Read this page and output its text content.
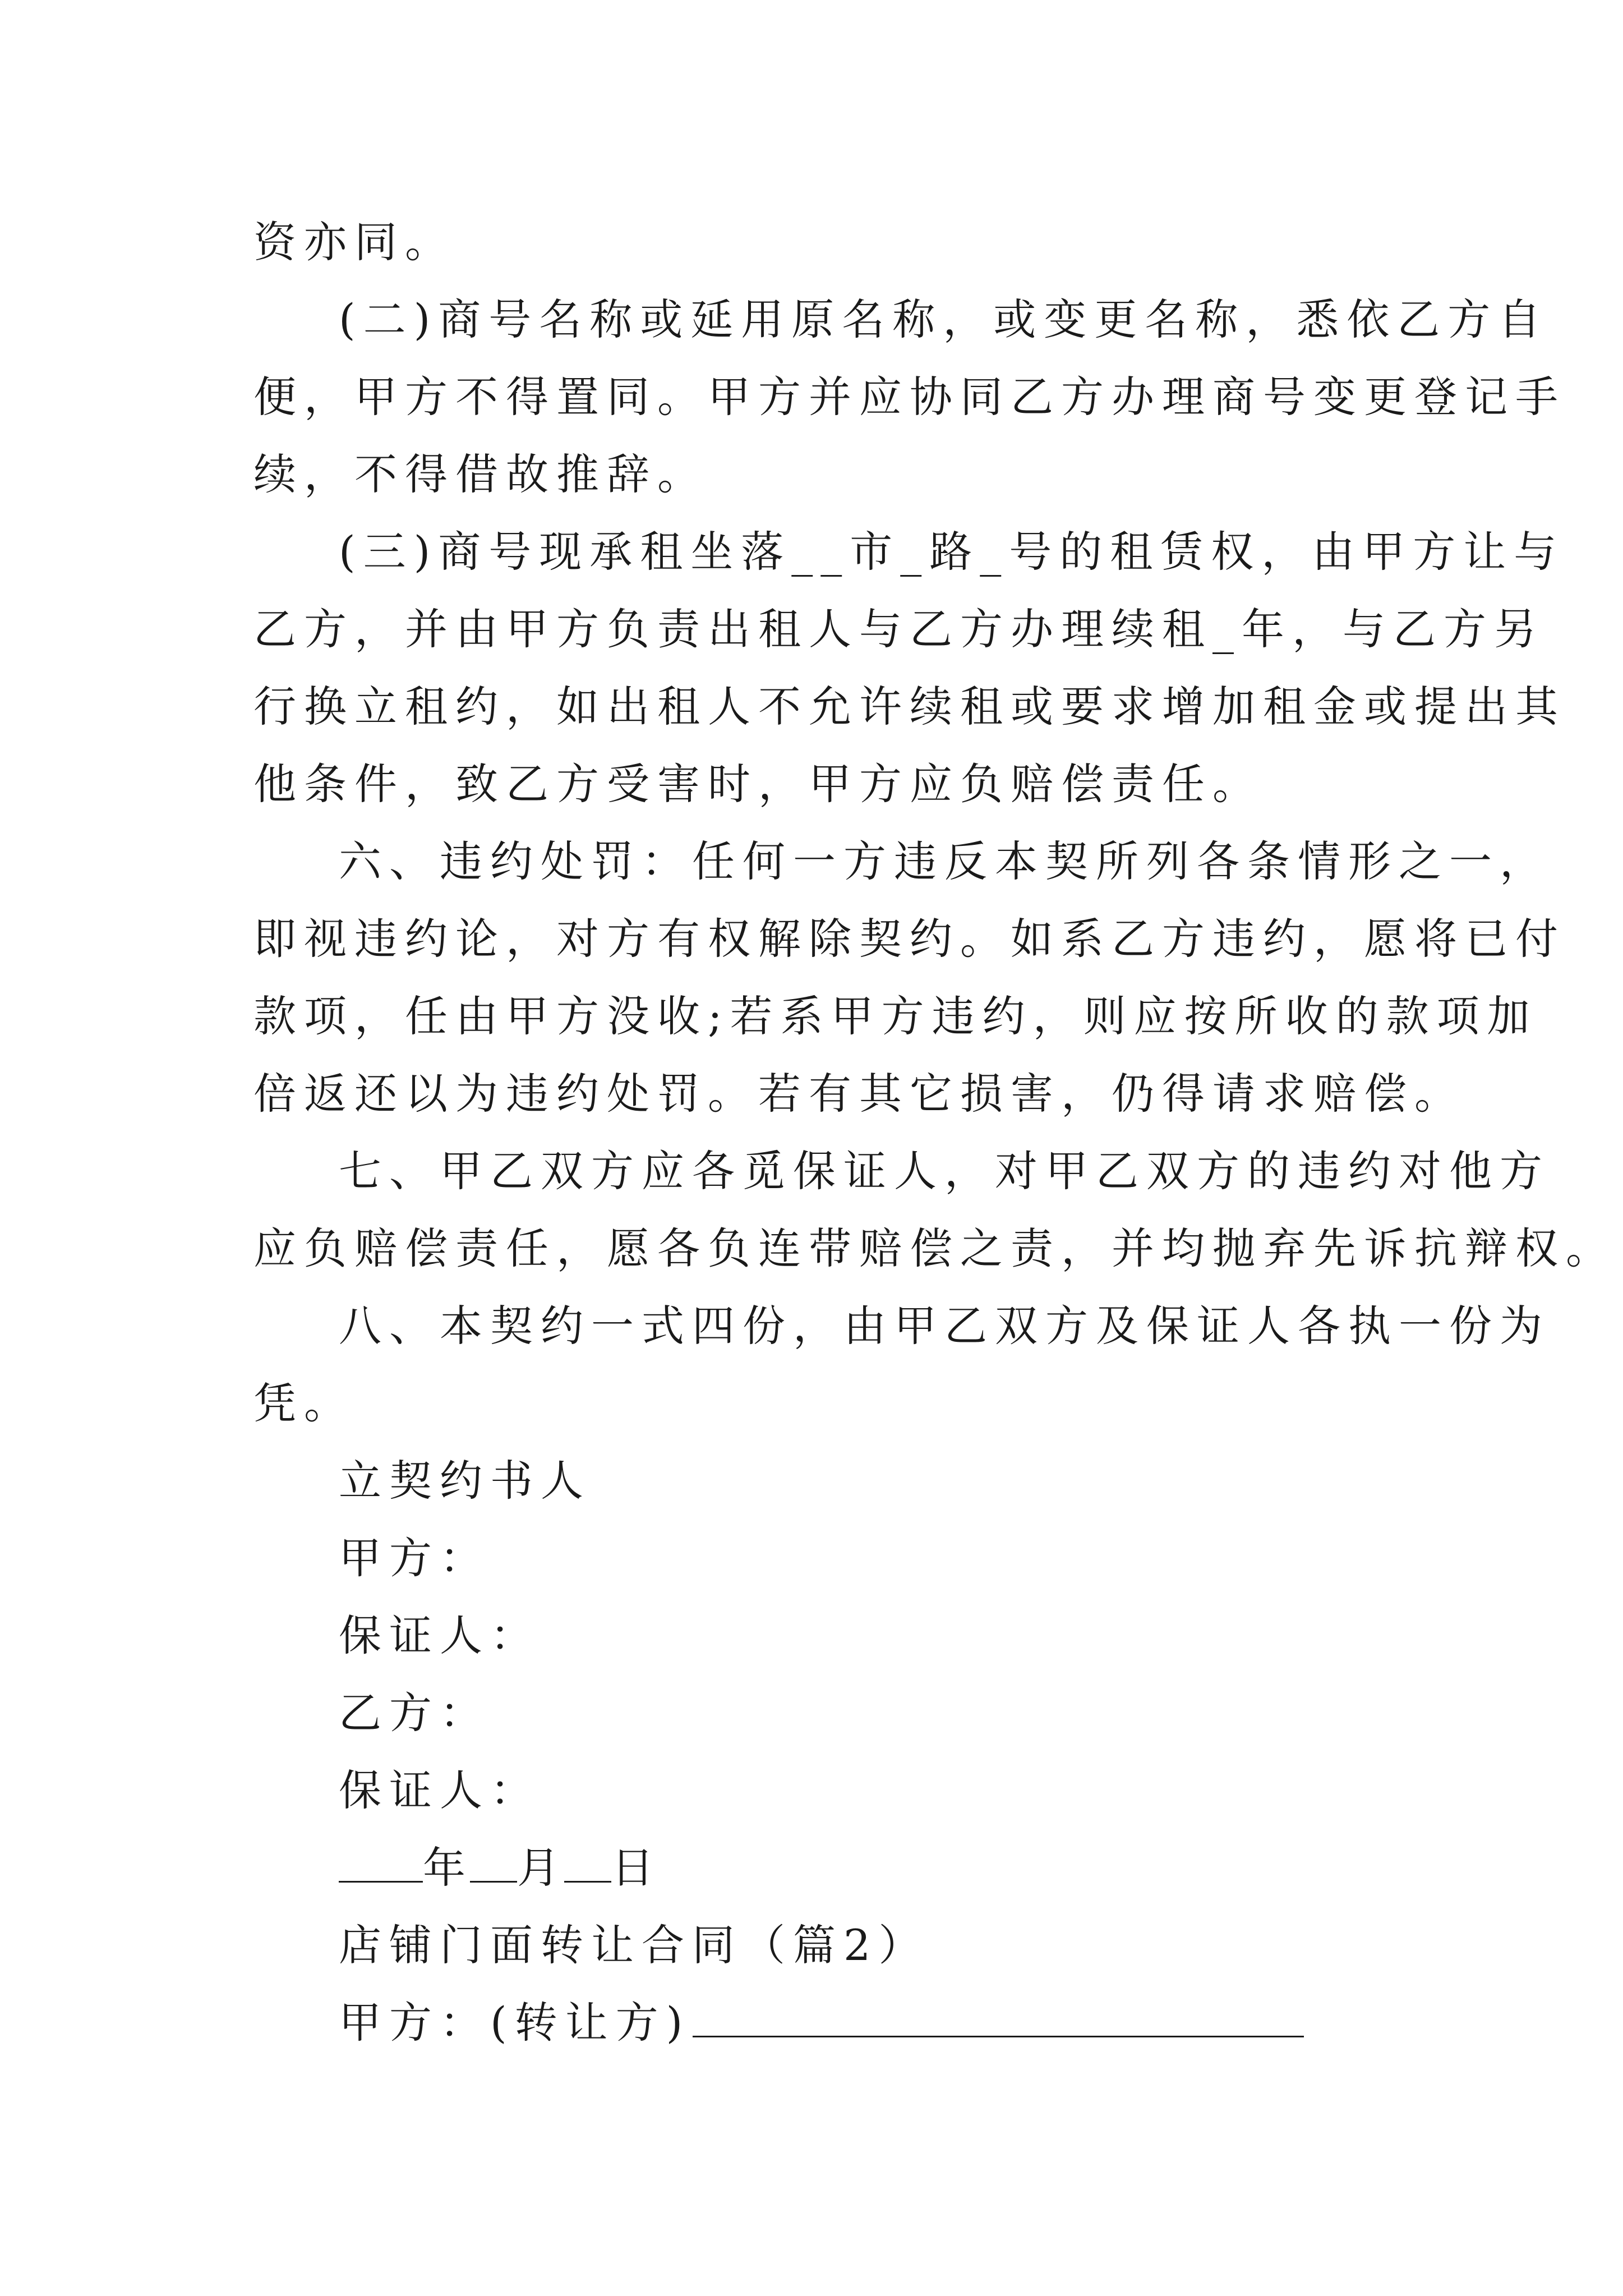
资亦同。
(二)商号名称或延用原名称，或变更名称，悉依乙方自
便，甲方不得置同。甲方并应协同乙方办理商号变更登记手
续，不得借故推辞。
(三)商号现承租坐落__市_路_号的租赁权，由甲方让与
乙方，并由甲方负责出租人与乙方办理续租_年，与乙方另
行换立租约，如出租人不允许续租或要求增加租金或提出其
他条件，致乙方受害时，甲方应负赔偿责任。
六、违约处罚：任何一方违反本契所列各条情形之一，
即视违约论，对方有权解除契约。如系乙方违约，愿将已付
款项，任由甲方没收;若系甲方违约，则应按所收的款项加
倍返还以为违约处罚。若有其它损害，仍得请求赔偿。
七、甲乙双方应各觅保证人，对甲乙双方的违约对他方
应负赔偿责任，愿各负连带赔偿之责，并均抛弃先诉抗辩权。
八、本契约一式四份，由甲乙双方及保证人各执一份为
凭。
立契约书人
甲方：
保证人：
乙方：
保证人：
年 月 日
店铺门面转让合同（篇2）
甲方：(转让方)
